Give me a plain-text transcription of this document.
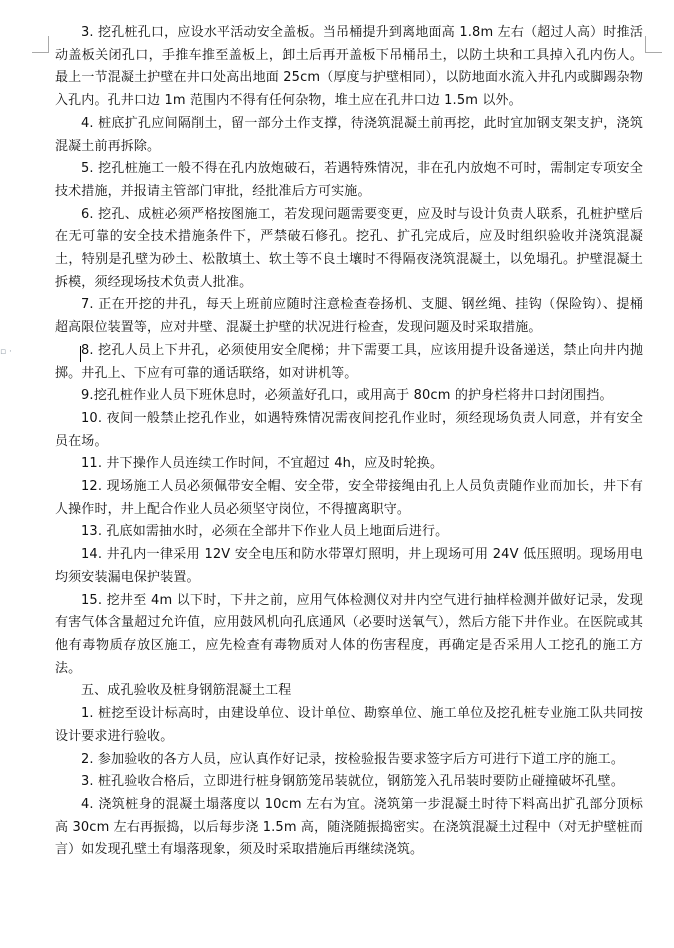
▫ ·

3. 挖孔桩孔口，应设水平活动安全盖板。当吊桶提升到离地面高 1.8m 左右（超过人高）时推活动盖板关闭孔口，手推车推至盖板上，卸土后再开盖板下吊桶吊土，以防土块和工具掉入孔内伤人。最上一节混凝土护壁在井口处高出地面 25cm（厚度与护壁相同），以防地面水流入井孔内或脚踢杂物入孔内。孔井口边 1m 范围内不得有任何杂物，堆土应在孔井口边 1.5m 以外。

4. 桩底扩孔应间隔削土，留一部分土作支撑，待浇筑混凝土前再挖，此时宜加钢支架支护，浇筑混凝土前再拆除。

5. 挖孔桩施工一般不得在孔内放炮破石，若遇特殊情况，非在孔内放炮不可时，需制定专项安全技术措施，并报请主管部门审批，经批准后方可实施。

6. 挖孔、成桩必须严格按图施工，若发现问题需要变更，应及时与设计负责人联系，孔桩护壁后在无可靠的安全技术措施条件下，严禁破石修孔。挖孔、扩孔完成后，应及时组织验收并浇筑混凝土，特别是孔壁为砂土、松散填土、软土等不良土壤时不得隔夜浇筑混凝土，以免塌孔。护壁混凝土拆模，须经现场技术负责人批准。

7. 正在开挖的井孔，每天上班前应随时注意检查卷扬机、支腿、钢丝绳、挂钩（保险钩）、提桶超高限位装置等，应对井壁、混凝土护壁的状况进行检查，发现问题及时采取措施。

8. 挖孔人员上下井孔，必须使用安全爬梯；井下需要工具，应该用提升设备递送，禁止向井内抛掷。井孔上、下应有可靠的通话联络，如对讲机等。

9.挖孔桩作业人员下班休息时，必须盖好孔口，或用高于 80cm 的护身栏将井口封闭围挡。

10. 夜间一般禁止挖孔作业，如遇特殊情况需夜间挖孔作业时，须经现场负责人同意，并有安全员在场。

11. 井下操作人员连续工作时间，不宜超过 4h，应及时轮换。

12. 现场施工人员必须佩带安全帽、安全带，安全带接绳由孔上人员负责随作业而加长，井下有人操作时，井上配合作业人员必须坚守岗位，不得擅离职守。

13. 孔底如需抽水时，必须在全部井下作业人员上地面后进行。

14. 井孔内一律采用 12V 安全电压和防水带罩灯照明，井上现场可用 24V 低压照明。现场用电均须安装漏电保护装置。

15. 挖井至 4m 以下时，下井之前，应用气体检测仪对井内空气进行抽样检测并做好记录，发现有害气体含量超过允许值，应用鼓风机向孔底通风（必要时送氧气），然后方能下井作业。在医院或其他有毒物质存放区施工，应先检查有毒物质对人体的伤害程度，再确定是否采用人工挖孔的施工方法。

五、成孔验收及桩身钢筋混凝土工程

1. 桩挖至设计标高时，由建设单位、设计单位、勘察单位、施工单位及挖孔桩专业施工队共同按设计要求进行验收。

2. 参加验收的各方人员，应认真作好记录，按检验报告要求签字后方可进行下道工序的施工。

3. 桩孔验收合格后，立即进行桩身钢筋笼吊装就位，钢筋笼入孔吊装时要防止碰撞破坏孔壁。

4. 浇筑桩身的混凝土塌落度以 10cm 左右为宜。浇筑第一步混凝土时待下料高出扩孔部分顶标高 30cm 左右再振捣，以后每步浇 1.5m 高，随浇随振捣密实。在浇筑混凝土过程中（对无护壁桩而言）如发现孔壁土有塌落现象，须及时采取措施后再继续浇筑。
